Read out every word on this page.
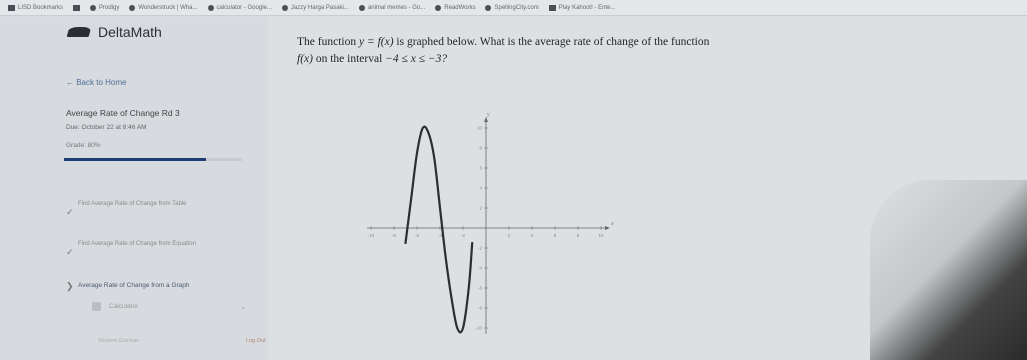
LISD Bookmarks	Prodigy	Wonderstruck | Wha...	calculator - Google...	Jazzy Harga Pasaki...	animal memes - Go...	ReadWorks	SpellingCity.com	Play Kahoot! - Ente...
DeltaMath
← Back to Home
Average Rate of Change Rd 3
Due: October 22 at 8:46 AM
Grade: 80%
✓
Find Average Rate of Change from Table
✓
Find Average Rate of Change from Equation
❯ Average Rate of Change from a Graph
Calculator	⌄
Student Guzman	Log Out
The function y = f(x) is graphed below. What is the average rate of change of the function
f(x) on the interval −4 ≤ x ≤ −3?
x
y
-10	-8	-6	-4	-2	2	4	6	8	10
10
8
6
4
2
-2
-4
-6
-8
-10
